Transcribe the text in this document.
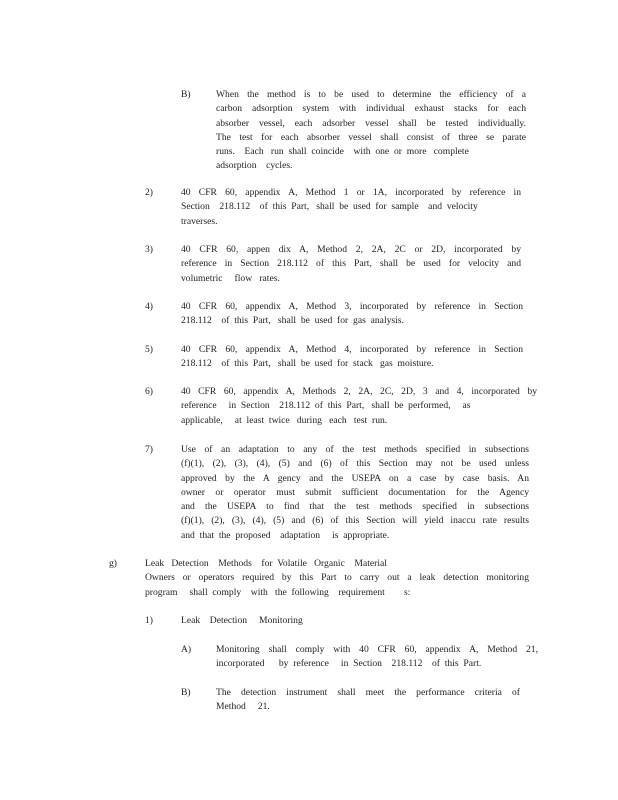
B)	When the method is to be used to determine the efficiency of a
carbon adsorption system with individual exhaust stacks for each
absorber vessel, each adsorber vessel shall be tested individually.
The test for each absorber vessel shall consist of three se parate
runs.    Each   run  shall  coincide    with  one  or  more   complete
adsorption    cycles.
2)	40 CFR 60, appendix A, Method 1 or 1A, incorporated by reference in
Section    218.112    of  this  Part,   shall  be  used  for  sample    and  velocity
traverses.
3)	40 CFR 60, appen dix A, Method 2, 2A, 2C or 2D, incorporated by
reference in Section 218.112 of this Part, shall be used for velocity and
volumetric     flow   rates.
4)	40 CFR 60, appendix A, Method 3, incorporated by reference in Section
218.112    of  this  Part,   shall  be  used  for  gas  analysis.
5)	40 CFR 60, appendix A, Method 4, incorporated by reference in Section
218.112    of  this  Part,   shall  be  used  for  stack   gas  moisture.
6)	40 CFR 60, appendix A, Methods 2, 2A, 2C, 2D, 3 and 4, incorporated by
reference     in  Section    218.112  of  this  Part,   shall  be  performed,     as
applicable,     at  least  twice   during   each   test  run.
7)	Use of an adaptation to any of the test methods specified in subsections
(f)(1), (2), (3), (4), (5) and (6) of this Section may not be used unless
approved by the A gency and the USEPA on a case by case basis. An
owner or operator must submit sufficient documentation for the Agency
and the USEPA to find that the test methods specified in subsections
(f)(1), (2), (3), (4), (5) and (6) of this Section will yield inaccu rate results
and  that  the  proposed    adaptation     is  appropriate.
g)	Leak   Detection    Methods    for  Volatile   Organic    Material
Owners or operators required by this Part to carry out a leak detection monitoring
program     shall  comply    with   the  following    requirement        s:
1)	Leak    Detection     Monitoring
A)	Monitoring shall comply with 40 CFR 60, appendix A, Method 21,
incorporated      by  reference     in  Section    218.112    of  this  Part.
B)	The detection instrument shall meet the performance criteria of
Method     21.
